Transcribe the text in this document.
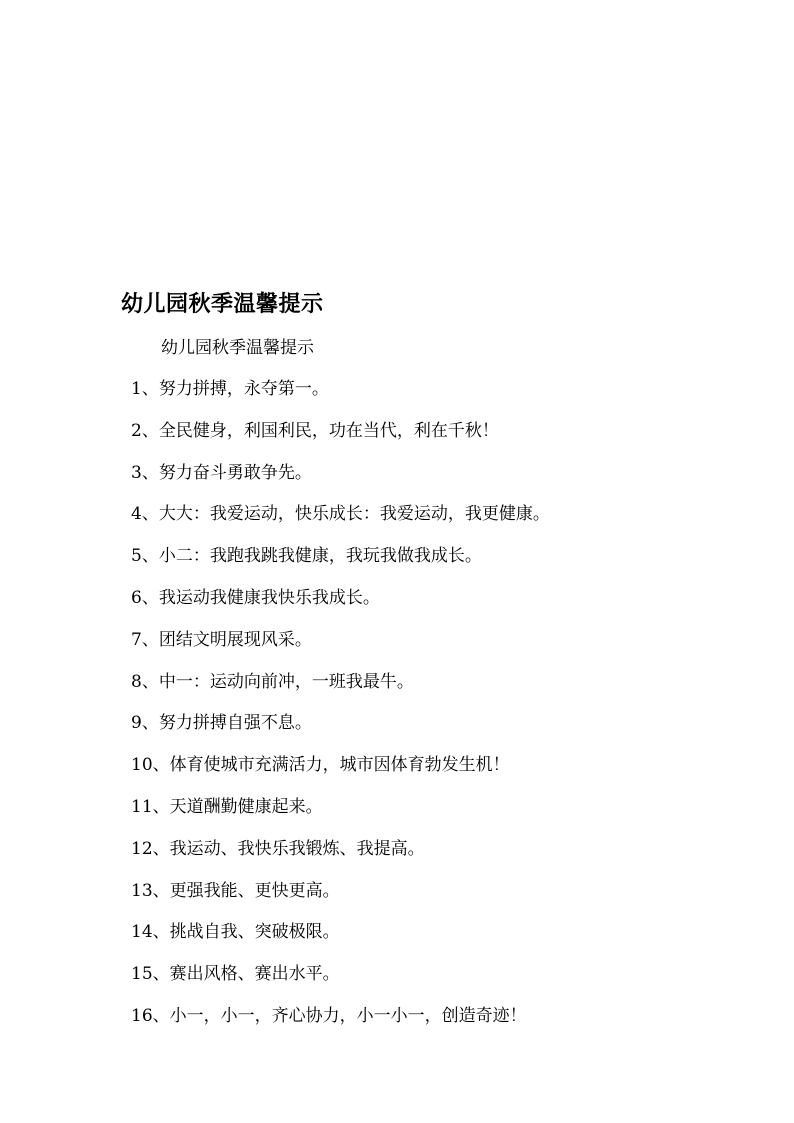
幼儿园秋季温馨提示
幼儿园秋季温馨提示
1、努力拼搏，永夺第一。
2、全民健身，利国利民，功在当代，利在千秋！
3、努力奋斗勇敢争先。
4、大大：我爱运动，快乐成长：我爱运动，我更健康。
5、小二：我跑我跳我健康，我玩我做我成长。
6、我运动我健康我快乐我成长。
7、团结文明展现风采。
8、中一：运动向前冲，一班我最牛。
9、努力拼搏自强不息。
10、体育使城市充满活力，城市因体育勃发生机！
11、天道酬勤健康起来。
12、我运动、我快乐我锻炼、我提高。
13、更强我能、更快更高。
14、挑战自我、突破极限。
15、赛出风格、赛出水平。
16、小一，小一，齐心协力，小一小一，创造奇迹！
